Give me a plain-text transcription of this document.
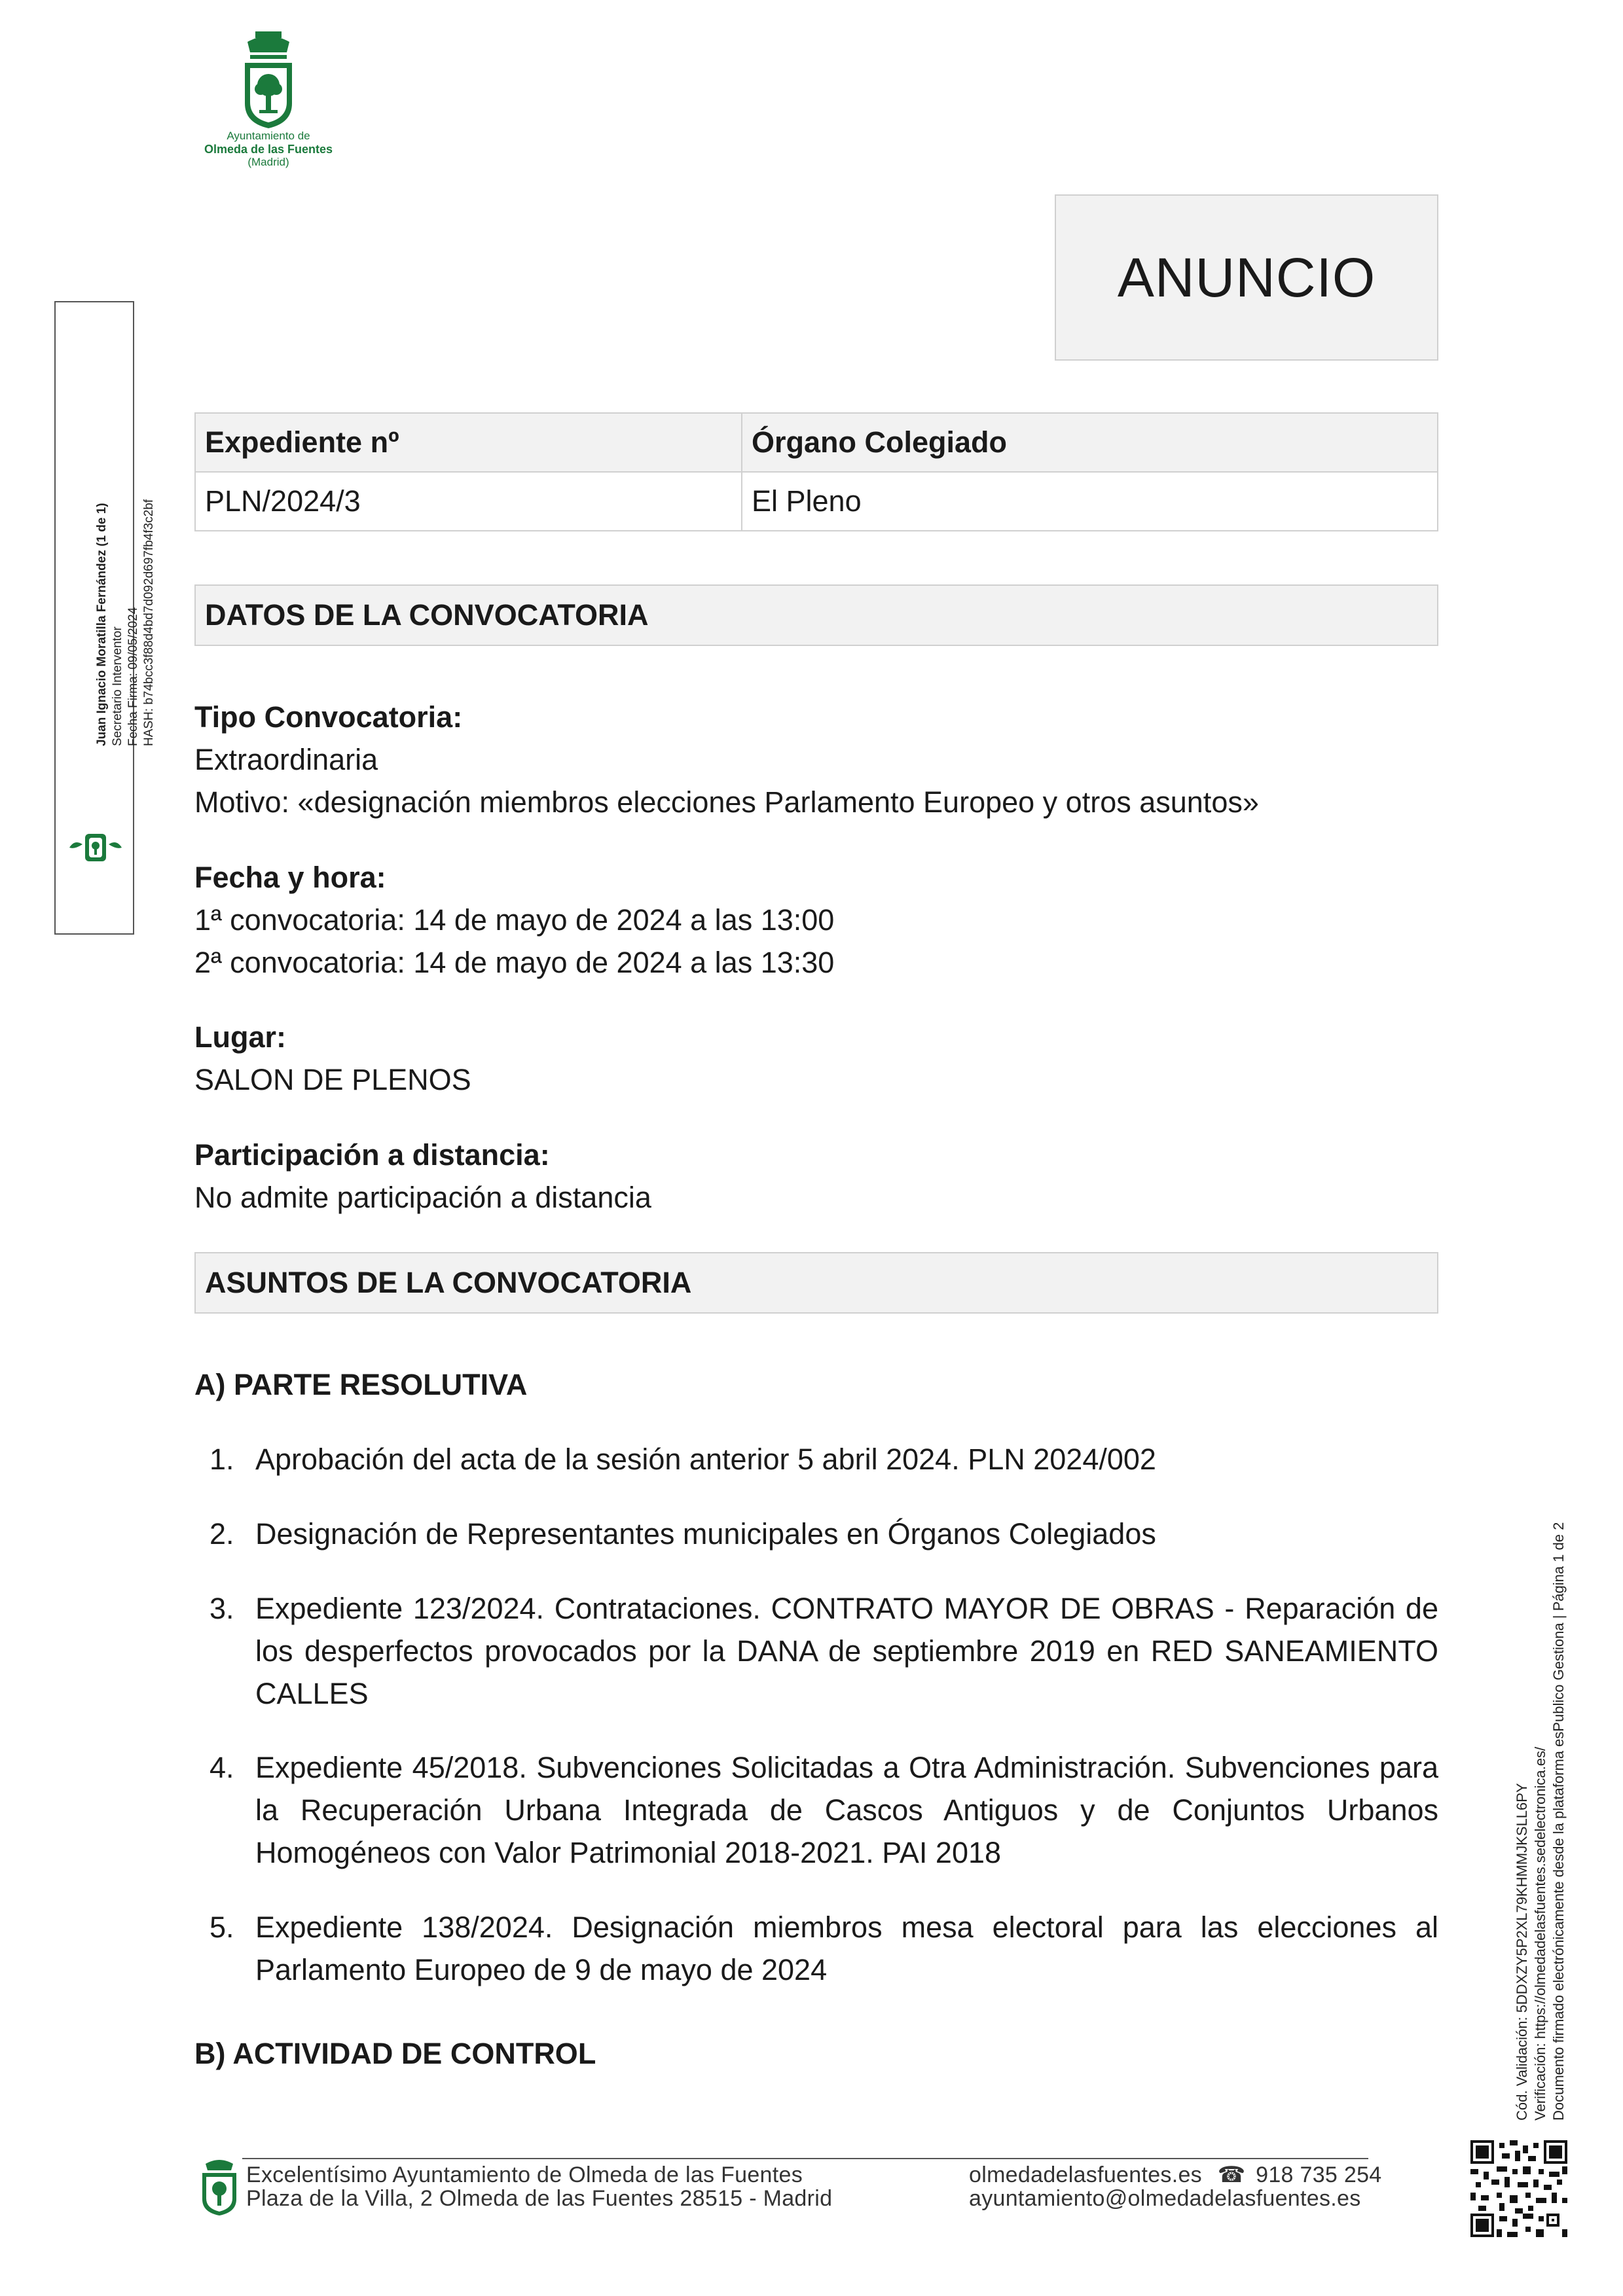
Ayuntamiento de
Olmeda de las Fuentes
(Madrid)
ANUNCIO
Expediente nº	Órgano Colegiado
PLN/2024/3	El Pleno
DATOS DE LA CONVOCATORIA
Tipo Convocatoria:
Extraordinaria
Motivo: «designación miembros elecciones Parlamento Europeo y otros asuntos»
Fecha y hora:
1ª convocatoria: 14 de mayo de 2024 a las 13:00
2ª convocatoria: 14 de mayo de 2024 a las 13:30
Lugar:
SALON DE PLENOS
Participación a distancia:
No admite participación a distancia
ASUNTOS DE LA CONVOCATORIA
A) PARTE RESOLUTIVA
1. Aprobación del acta de la sesión anterior 5 abril 2024. PLN 2024/002
2. Designación de Representantes municipales en Órganos Colegiados
3. Expediente 123/2024. Contrataciones. CONTRATO MAYOR DE OBRAS - Reparación de los desperfectos provocados por la DANA de septiembre 2019 en RED SANEAMIENTO CALLES
4. Expediente 45/2018. Subvenciones Solicitadas a Otra Administración. Subvenciones para la Recuperación Urbana Integrada de Cascos Antiguos y de Conjuntos Urbanos Homogéneos con Valor Patrimonial 2018-2021. PAI 2018
5. Expediente 138/2024. Designación miembros mesa electoral para las elecciones al Parlamento Europeo de 9 de mayo de 2024
B) ACTIVIDAD DE CONTROL
Juan Ignacio Moratilla Fernández (1 de 1) Secretario Interventor Fecha Firma: 09/05/2024 HASH: b74bcc3f88d4bd7d092d697fb4f3c2bf
Cód. Validación: 5DDXZY5P2XL79KHMMJKSLL6PY Verificación: https://olmedadelasfuentes.sedelectronica.es/ Documento firmado electrónicamente desde la plataforma esPublico Gestiona | Página 1 de 2
Excelentísimo Ayuntamiento de Olmeda de las Fuentes
Plaza de la Villa, 2 Olmeda de las Fuentes 28515 - Madrid
olmedadelasfuentes.es ☎ 918 735 254
ayuntamiento@olmedadelasfuentes.es
